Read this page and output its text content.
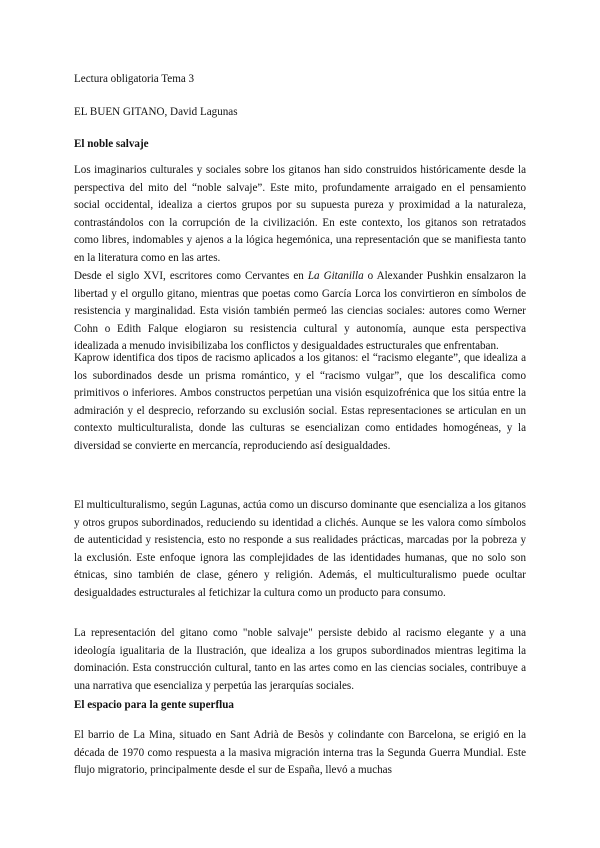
Lectura obligatoria Tema 3

EL BUEN GITANO, David Lagunas

El noble salvaje

Los imaginarios culturales y sociales sobre los gitanos han sido construidos históricamente desde la perspectiva del mito del “noble salvaje”. Este mito, profundamente arraigado en el pensamiento social occidental, idealiza a ciertos grupos por su supuesta pureza y proximidad a la naturaleza, contrastándolos con la corrupción de la civilización. En este contexto, los gitanos son retratados como libres, indomables y ajenos a la lógica hegemónica, una representación que se manifiesta tanto en la literatura como en las artes.

Desde el siglo XVI, escritores como Cervantes en La Gitanilla o Alexander Pushkin ensalzaron la libertad y el orgullo gitano, mientras que poetas como García Lorca los convirtieron en símbolos de resistencia y marginalidad. Esta visión también permeó las ciencias sociales: autores como Werner Cohn o Edith Falque elogiaron su resistencia cultural y autonomía, aunque esta perspectiva idealizada a menudo invisibilizaba los conflictos y desigualdades estructurales que enfrentaban.

Kaprow identifica dos tipos de racismo aplicados a los gitanos: el “racismo elegante”, que idealiza a los subordinados desde un prisma romántico, y el “racismo vulgar”, que los descalifica como primitivos o inferiores. Ambos constructos perpetúan una visión esquizofrénica que los sitúa entre la admiración y el desprecio, reforzando su exclusión social. Estas representaciones se articulan en un contexto multiculturalista, donde las culturas se esencializan como entidades homogéneas, y la diversidad se convierte en mercancía, reproduciendo así desigualdades.

El multiculturalismo, según Lagunas, actúa como un discurso dominante que esencializa a los gitanos y otros grupos subordinados, reduciendo su identidad a clichés. Aunque se les valora como símbolos de autenticidad y resistencia, esto no responde a sus realidades prácticas, marcadas por la pobreza y la exclusión. Este enfoque ignora las complejidades de las identidades humanas, que no solo son étnicas, sino también de clase, género y religión. Además, el multiculturalismo puede ocultar desigualdades estructurales al fetichizar la cultura como un producto para consumo.

La representación del gitano como "noble salvaje" persiste debido al racismo elegante y a una ideología igualitaria de la Ilustración, que idealiza a los grupos subordinados mientras legitima la dominación. Esta construcción cultural, tanto en las artes como en las ciencias sociales, contribuye a una narrativa que esencializa y perpetúa las jerarquías sociales.

El espacio para la gente superflua

El barrio de La Mina, situado en Sant Adrià de Besòs y colindante con Barcelona, se erigió en la década de 1970 como respuesta a la masiva migración interna tras la Segunda Guerra Mundial. Este flujo migratorio, principalmente desde el sur de España, llevó a muchas
